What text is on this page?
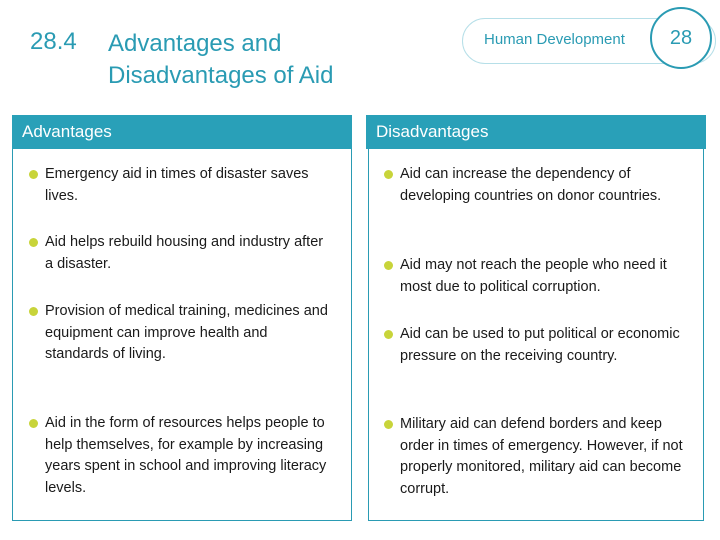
28.4 Advantages and
Disadvantages of Aid
Human Development	28
Advantages
Emergency aid in times of disaster saves lives.
Aid helps rebuild housing and industry after a disaster.
Provision of medical training, medicines and equipment can improve health and standards of living.
Aid in the form of resources helps people to help themselves, for example by increasing years spent in school and improving literacy levels.
Disadvantages
Aid can increase the dependency of developing countries on donor countries.
Aid may not reach the people who need it most due to political corruption.
Aid can be used to put political or economic pressure on the receiving country.
Military aid can defend borders and keep order in times of emergency. However, if not properly monitored, military aid can become corrupt.
